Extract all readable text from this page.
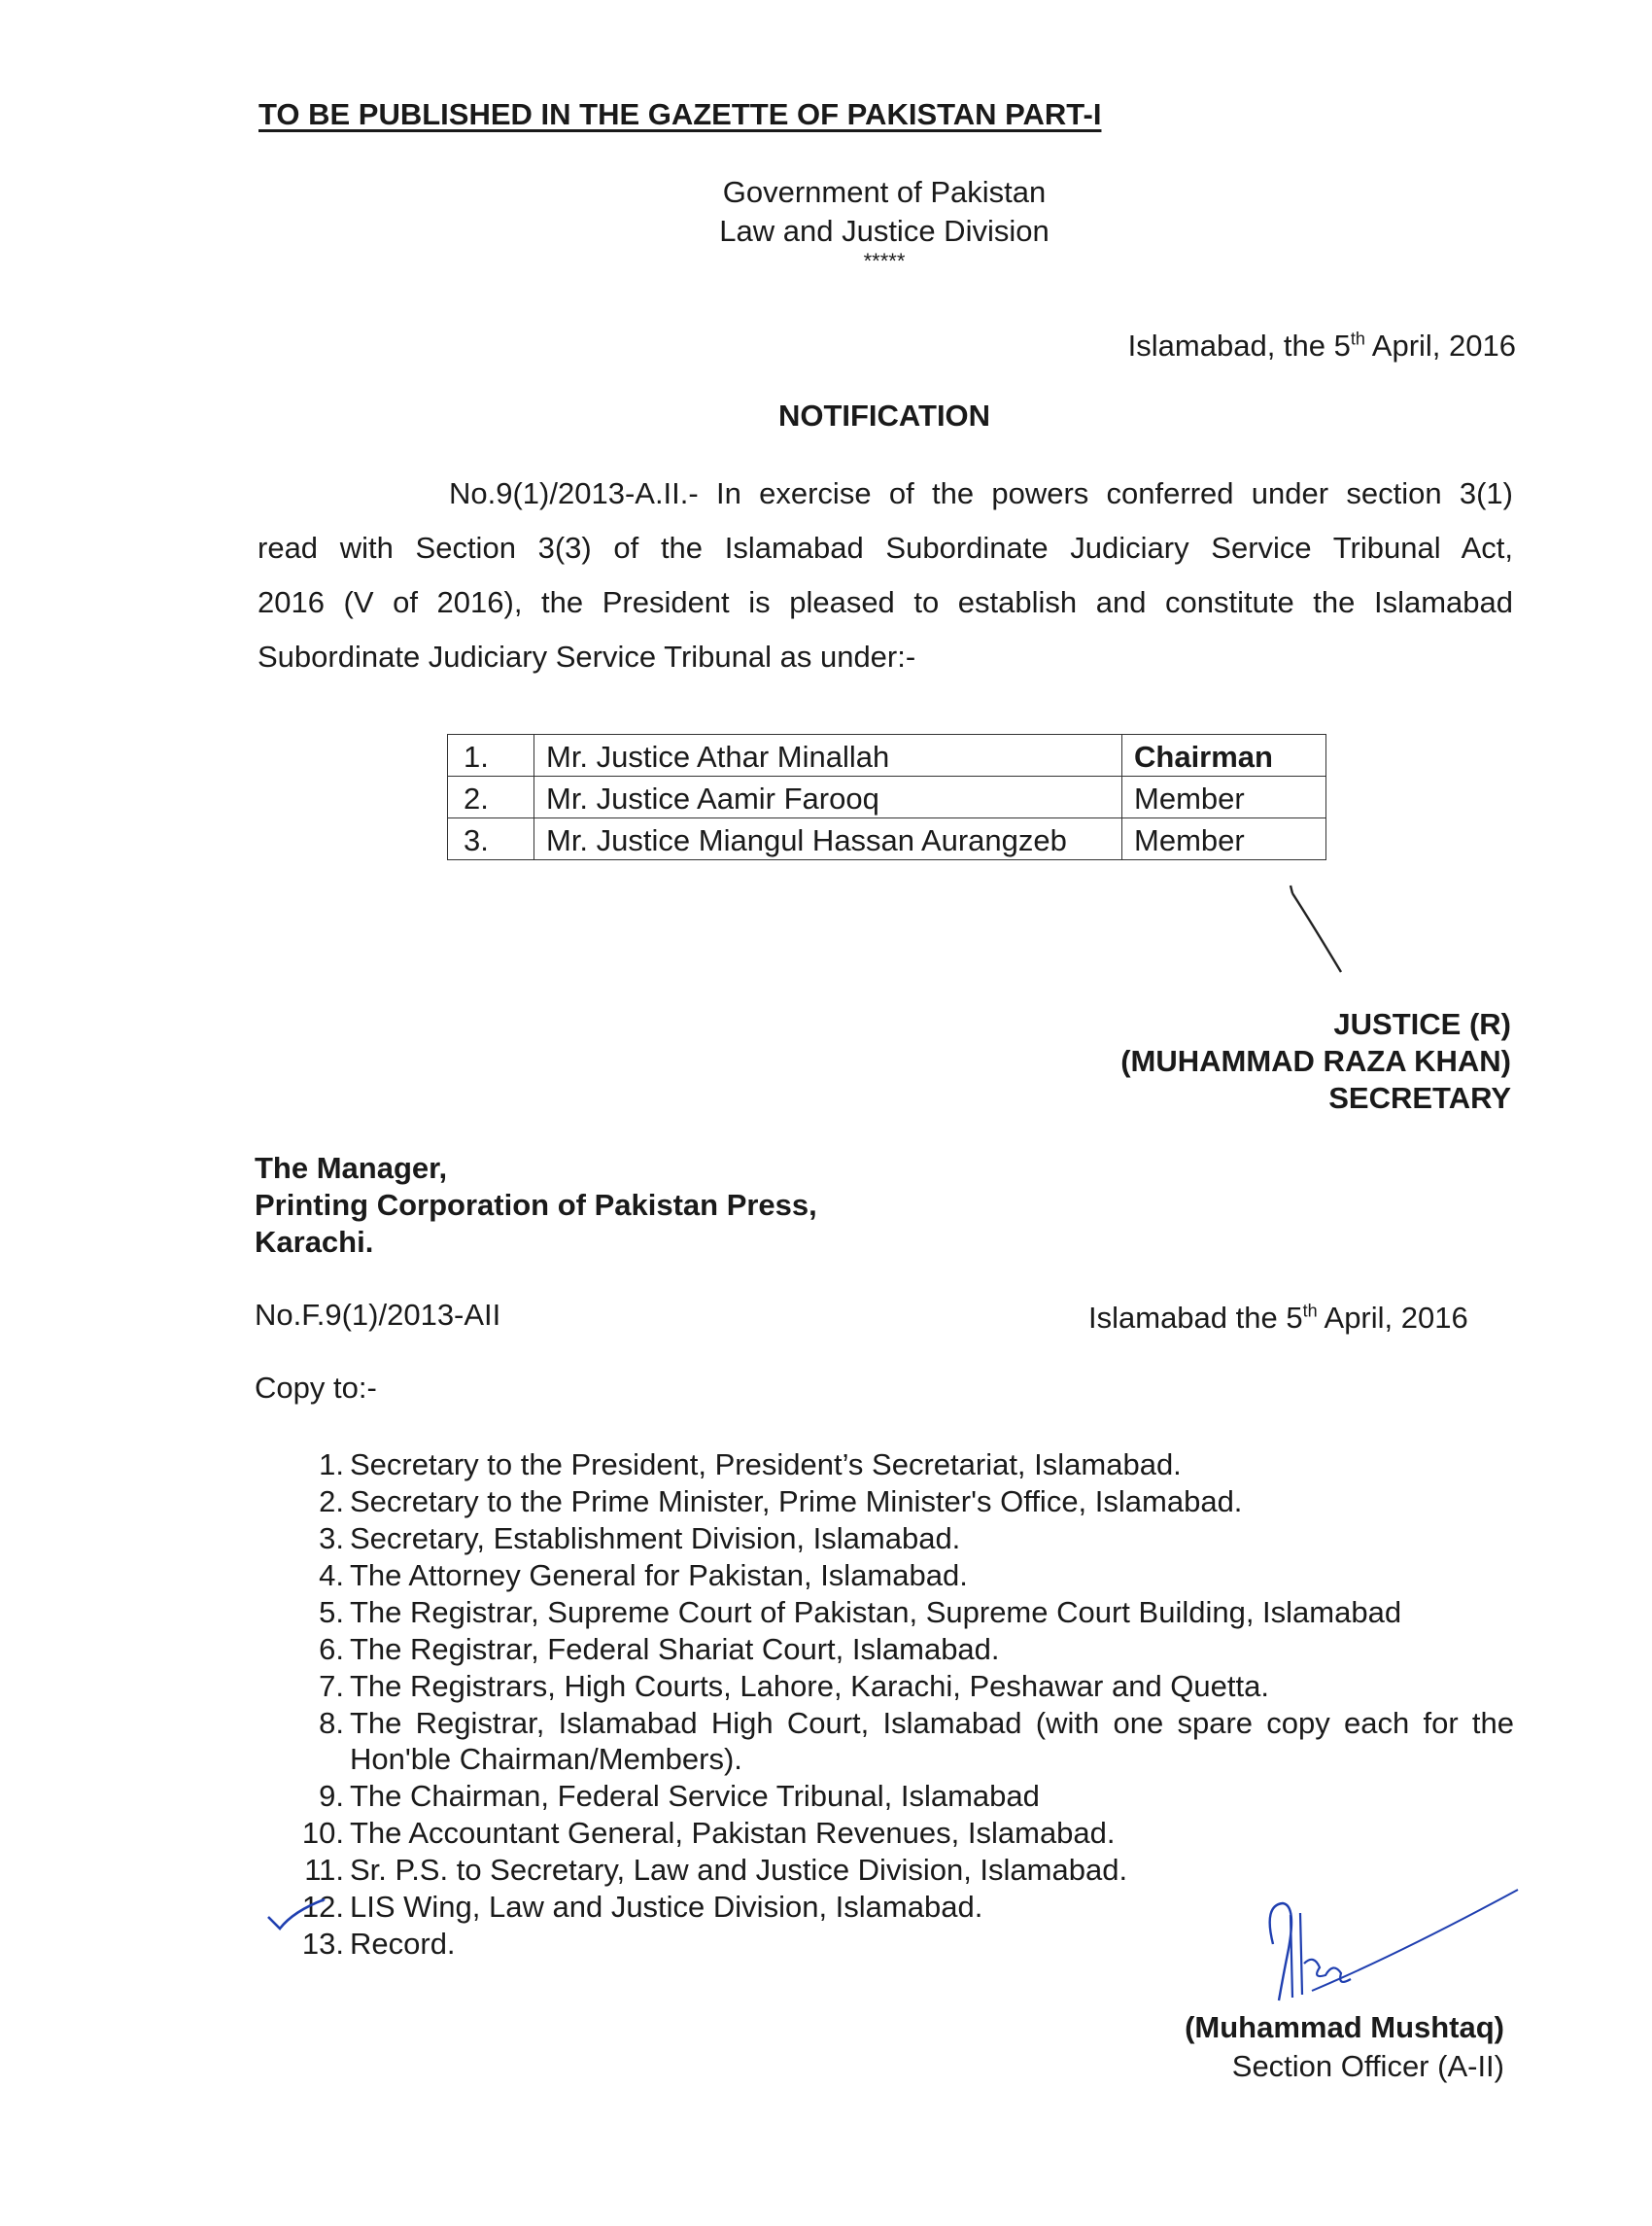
TO BE PUBLISHED IN THE GAZETTE OF PAKISTAN PART-I
Government of Pakistan
Law and Justice Division
*****
Islamabad, the 5th April, 2016
NOTIFICATION
No.9(1)/2013-A.II.- In exercise of the powers conferred under section 3(1)
read with Section 3(3) of the Islamabad Subordinate Judiciary Service Tribunal Act,
2016 (V of 2016), the President is pleased to establish and constitute the Islamabad
Subordinate Judiciary Service Tribunal as under:-
1.	Mr. Justice Athar Minallah	Chairman
2.	Mr. Justice Aamir Farooq	Member
3.	Mr. Justice Miangul Hassan Aurangzeb	Member
JUSTICE (R)
(MUHAMMAD RAZA KHAN)
SECRETARY
The Manager,
Printing Corporation of Pakistan Press,
Karachi.
No.F.9(1)/2013-AII	Islamabad the 5th April, 2016
Copy to:-
1. Secretary to the President, President’s Secretariat, Islamabad.
2. Secretary to the Prime Minister, Prime Minister's Office, Islamabad.
3. Secretary, Establishment Division, Islamabad.
4. The Attorney General for Pakistan, Islamabad.
5. The Registrar, Supreme Court of Pakistan, Supreme Court Building, Islamabad
6. The Registrar, Federal Shariat Court, Islamabad.
7. The Registrars, High Courts, Lahore, Karachi, Peshawar and Quetta.
8. The Registrar, Islamabad High Court, Islamabad (with one spare copy each for the Hon'ble Chairman/Members).
9. The Chairman, Federal Service Tribunal, Islamabad
10. The Accountant General, Pakistan Revenues, Islamabad.
11. Sr. P.S. to Secretary, Law and Justice Division, Islamabad.
12. LIS Wing, Law and Justice Division, Islamabad.
13. Record.
(Muhammad Mushtaq)
Section Officer (A-II)
